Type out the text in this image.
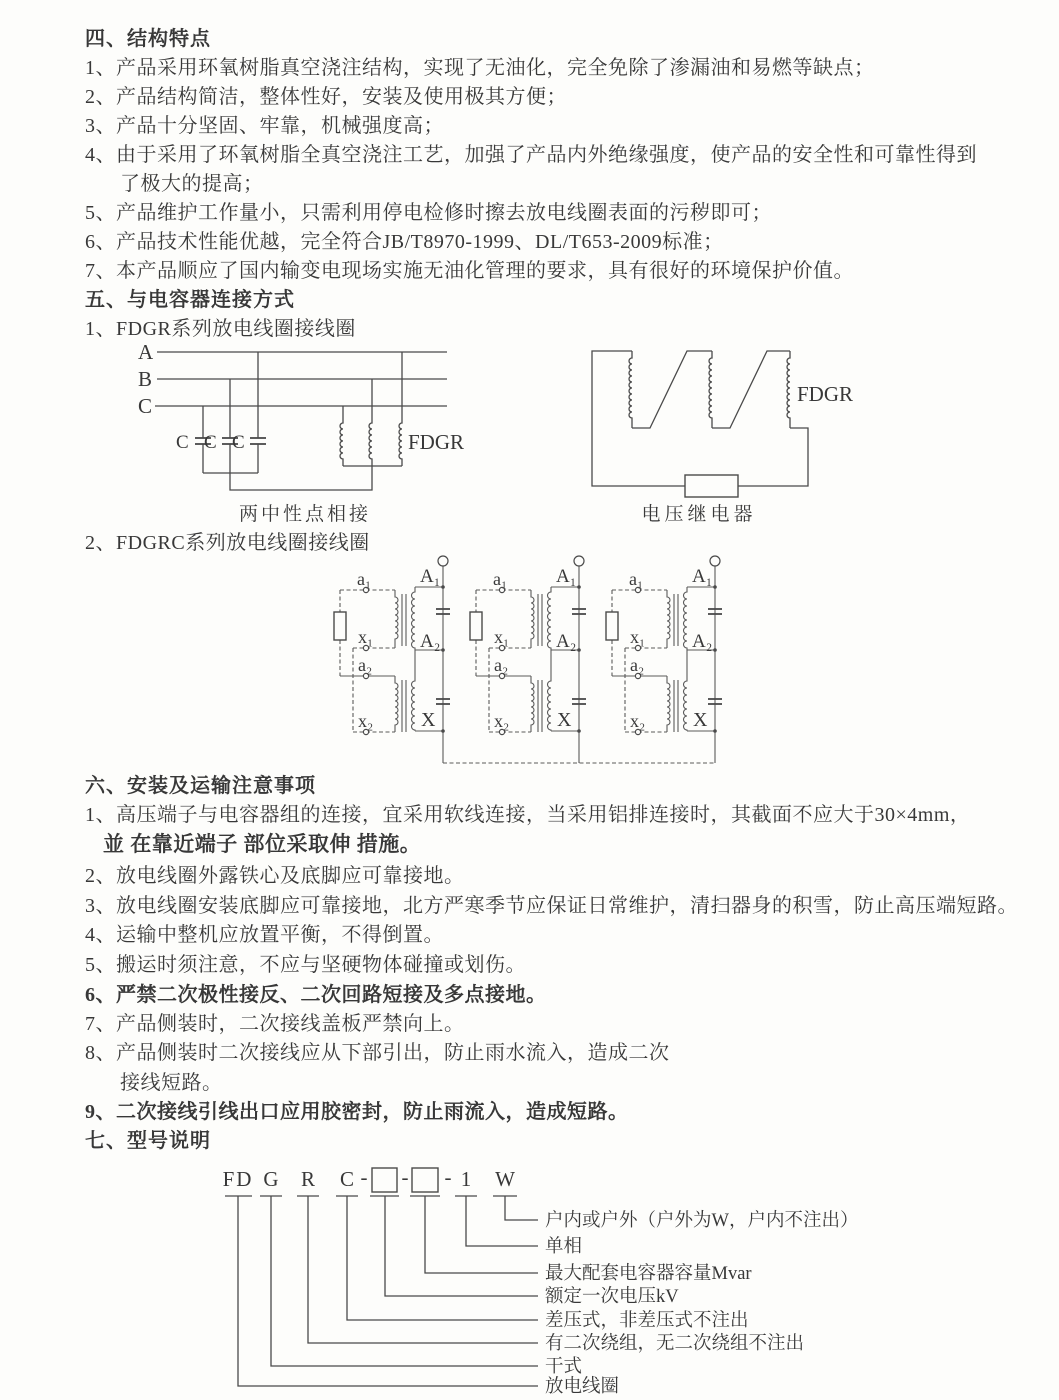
四、结构特点
1、产品采用环氧树脂真空浇注结构，实现了无油化，完全免除了渗漏油和易燃等缺点；
2、产品结构简洁，整体性好，安装及使用极其方便；
3、产品十分坚固、牢靠，机械强度高；
4、由于采用了环氧树脂全真空浇注工艺，加强了产品内外绝缘强度，使产品的安全性和可靠性得到
了极大的提高；
5、产品维护工作量小，只需利用停电检修时擦去放电线圈表面的污秽即可；
6、产品技术性能优越，完全符合JB/T8970-1999、DL/T653-2009标准；
7、本产品顺应了国内输变电现场实施无油化管理的要求，具有很好的环境保护价值。
五、与电容器连接方式
1、FDGR系列放电线圈接线圈
A
B
C
C C C	FDGR
两中性点相接
FDGR
电压继电器
2、FDGRC系列放电线圈接线圈
六、安装及运输注意事项
1、高压端子与电容器组的连接，宜采用软线连接，当采用铝排连接时，其截面不应大于30×4mm，
並 在靠近端子 部位采取伸 措施。
2、放电线圈外露铁心及底脚应可靠接地。
3、放电线圈安装底脚应可靠接地，北方严寒季节应保证日常维护，清扫器身的积雪，防止高压端短路。
4、运输中整机应放置平衡，不得倒置。
5、搬运时须注意，不应与坚硬物体碰撞或划伤。
6、严禁二次极性接反、二次回路短接及多点接地。
7、产品侧装时，二次接线盖板严禁向上。
8、产品侧装时二次接线应从下部引出，防止雨水流入，造成二次
接线短路。
9、二次接线引线出口应用胶密封，防止雨流入，造成短路。
七、型号说明
FD G R C - - - 1 W
户内或户外（户外为W，户内不注出）
单相
最大配套电容器容量Mvar
额定一次电压kV
差压式，非差压式不注出
有二次绕组，无二次绕组不注出
干式
放电线圈
